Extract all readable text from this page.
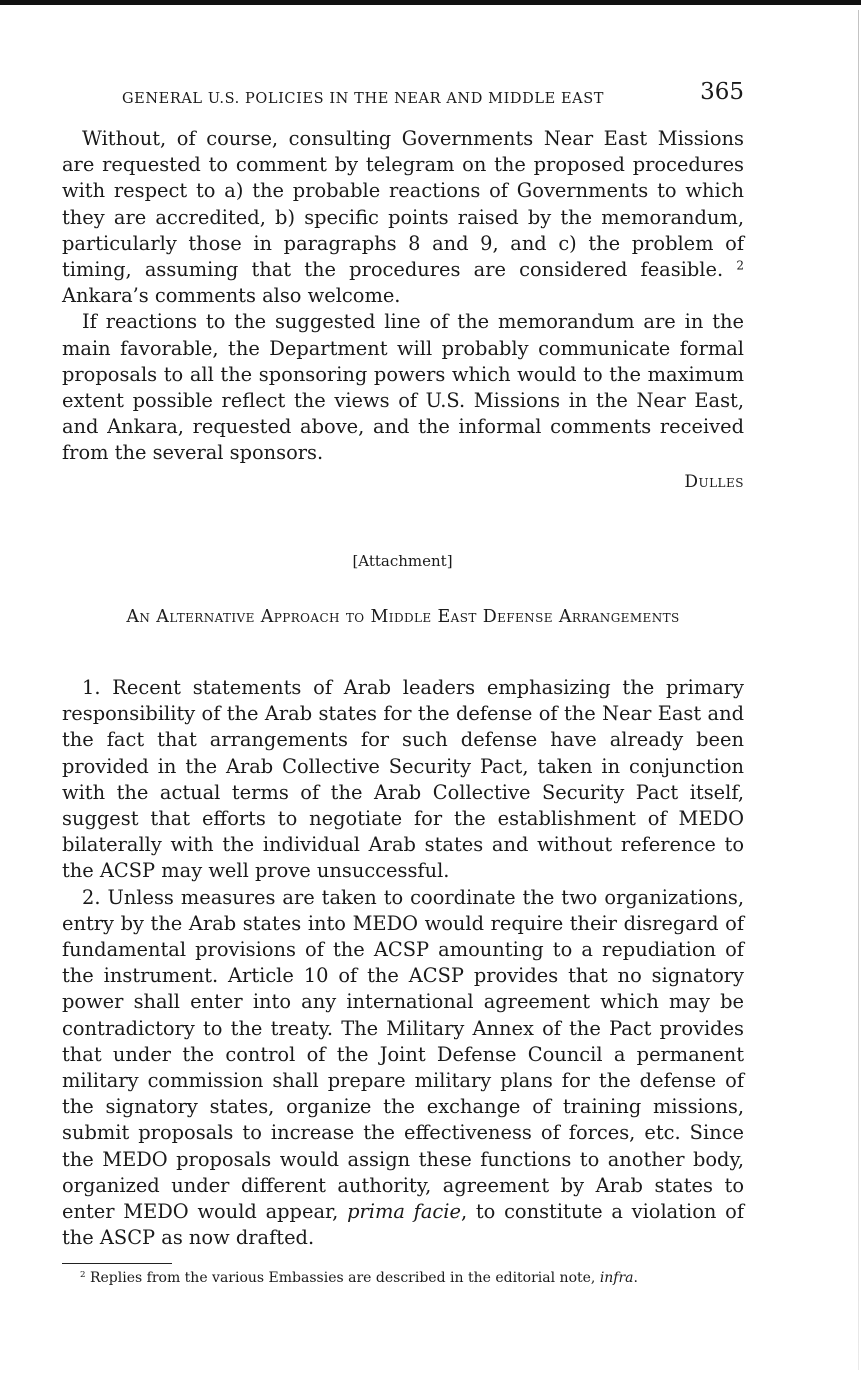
GENERAL U.S. POLICIES IN THE NEAR AND MIDDLE EAST	365

Without, of course, consulting Governments Near East Missions are requested to comment by telegram on the proposed procedures with respect to a) the probable reactions of Governments to which they are accredited, b) specific points raised by the memorandum, particularly those in paragraphs 8 and 9, and c) the problem of timing, assuming that the procedures are considered feasible. $^2$ Ankara’s comments also welcome.

If reactions to the suggested line of the memorandum are in the main favorable, the Department will probably communicate formal proposals to all the sponsoring powers which would to the maximum extent possible reflect the views of U.S. Missions in the Near East, and Ankara, requested above, and the informal comments received from the several sponsors.

Dulles
[Attachment]
An Alternative Approach to Middle East Defense Arrangements

1. Recent statements of Arab leaders emphasizing the primary responsibility of the Arab states for the defense of the Near East and the fact that arrangements for such defense have already been provided in the Arab Collective Security Pact, taken in conjunction with the actual terms of the Arab Collective Security Pact itself, suggest that efforts to negotiate for the establishment of MEDO bilaterally with the individual Arab states and without reference to the ACSP may well prove unsuccessful.

2. Unless measures are taken to coordinate the two organizations, entry by the Arab states into MEDO would require their disregard of fundamental provisions of the ACSP amounting to a repudiation of the instrument. Article 10 of the ACSP provides that no signatory power shall enter into any international agreement which may be contradictory to the treaty. The Military Annex of the Pact provides that under the control of the Joint Defense Council a permanent military commission shall prepare military plans for the defense of the signatory states, organize the exchange of training missions, submit proposals to increase the effectiveness of forces, etc. Since the MEDO proposals would assign these functions to another body, organized under different authority, agreement by Arab states to enter MEDO would appear, prima facie, to constitute a violation of the ASCP as now drafted.

$^2$ Replies from the various Embassies are described in the editorial note, infra.
